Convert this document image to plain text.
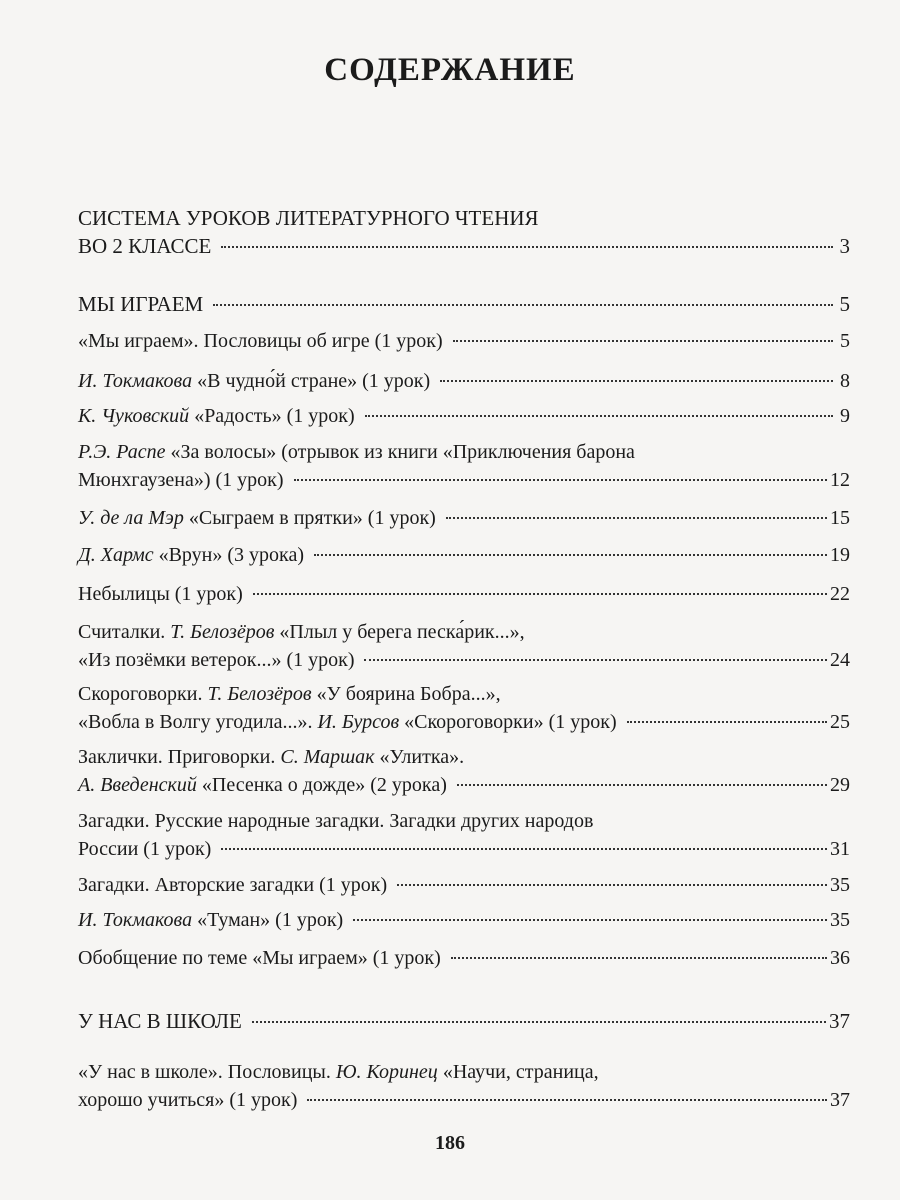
СОДЕРЖАНИЕ
СИСТЕМА УРОКОВ ЛИТЕРАТУРНОГО ЧТЕНИЯ
ВО 2 КЛАССЕ	3
МЫ ИГРАЕМ	5
«Мы играем». Пословицы об игре (1 урок)	5
И. Токмакова «В чудно́й стране» (1 урок)	8
К. Чуковский «Радость» (1 урок)	9
Р.Э. Распе «За волосы» (отрывок из книги «Приключения барона
Мюнхгаузена») (1 урок)	12
У. де ла Мэр «Сыграем в прятки» (1 урок)	15
Д. Хармс «Врун» (3 урока)	19
Небылицы (1 урок)	22
Считалки. Т. Белозёров «Плыл у берега песка́рик...»,
«Из позёмки ветерок...» (1 урок)	24
Скороговорки. Т. Белозёров «У боярина Бобра...»,
«Вобла в Волгу угодила...». И. Бурсов «Скороговорки» (1 урок)	25
Заклички. Приговорки. С. Маршак «Улитка».
А. Введенский «Песенка о дожде» (2 урока)	29
Загадки. Русские народные загадки. Загадки других народов
России (1 урок)	31
Загадки. Авторские загадки (1 урок)	35
И. Токмакова «Туман» (1 урок)	35
Обобщение по теме «Мы играем» (1 урок)	36
У НАС В ШКОЛЕ	37
«У нас в школе». Пословицы. Ю. Коринец «Научи, страница,
хорошо учиться» (1 урок)	37
186
